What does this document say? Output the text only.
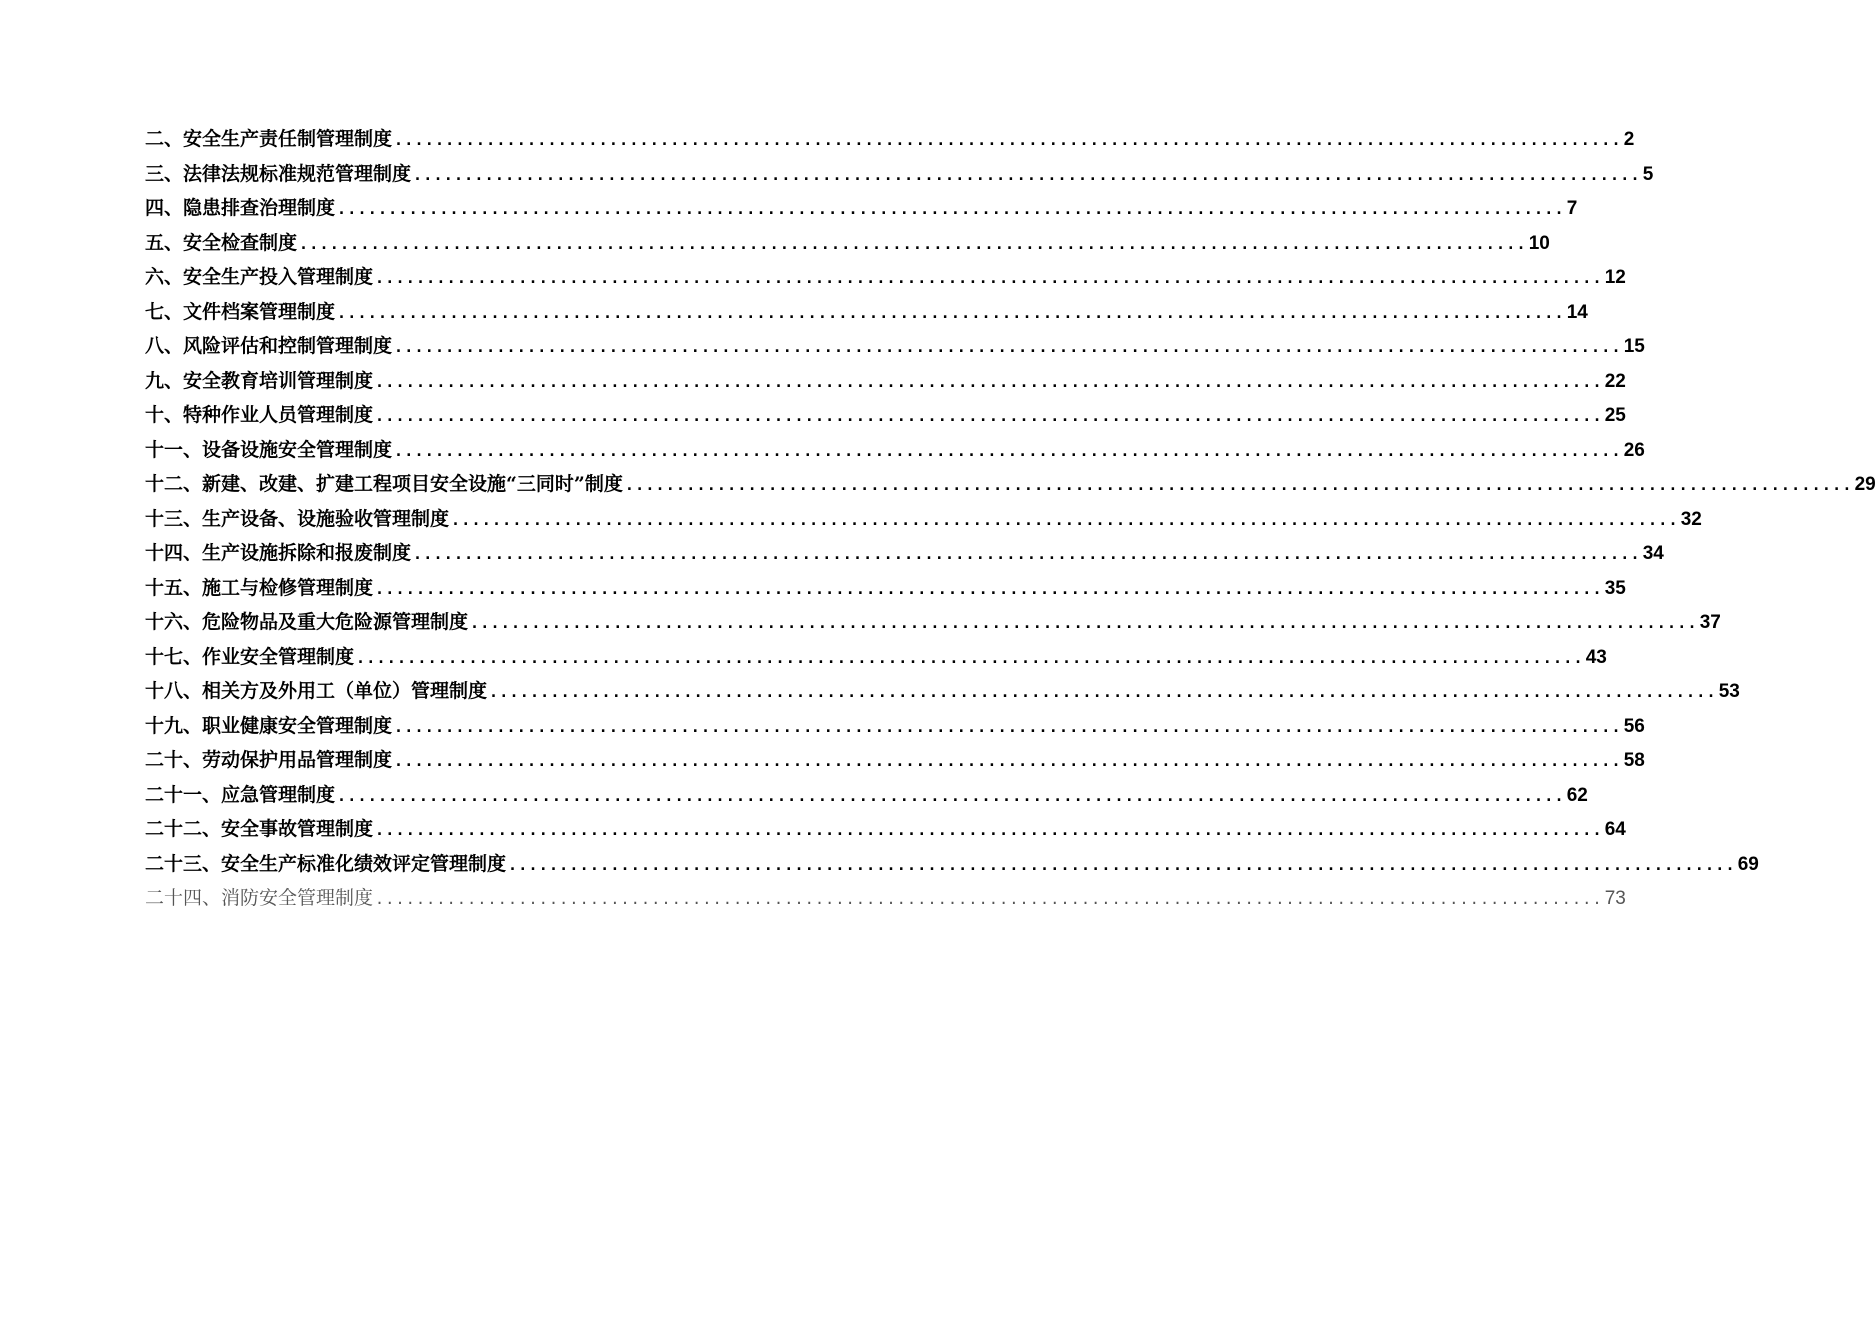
二、安全生产责任制管理制度 ........................................................................................................................ 2
三、法律法规标准规范管理制度 ........................................................................................................................ 5
四、隐患排查治理制度 ........................................................................................................................ 7
五、安全检查制度 ........................................................................................................................ 10
六、安全生产投入管理制度 ........................................................................................................................ 12
七、文件档案管理制度 ........................................................................................................................ 14
八、风险评估和控制管理制度 ........................................................................................................................ 15
九、安全教育培训管理制度 ........................................................................................................................ 22
十、特种作业人员管理制度 ........................................................................................................................ 25
十一、设备设施安全管理制度 ........................................................................................................................ 26
十二、新建、改建、扩建工程项目安全设施“三同时”制度 ........................................................................................................................ 29
十三、生产设备、设施验收管理制度 ........................................................................................................................ 32
十四、生产设施拆除和报废制度 ........................................................................................................................ 34
十五、施工与检修管理制度 ........................................................................................................................ 35
十六、危险物品及重大危险源管理制度 ........................................................................................................................ 37
十七、作业安全管理制度 ........................................................................................................................ 43
十八、相关方及外用工（单位）管理制度 ........................................................................................................................ 53
十九、职业健康安全管理制度 ........................................................................................................................ 56
二十、劳动保护用品管理制度 ........................................................................................................................ 58
二十一、应急管理制度 ........................................................................................................................ 62
二十二、安全事故管理制度 ........................................................................................................................ 64
二十三、安全生产标准化绩效评定管理制度 ........................................................................................................................ 69
二十四、消防安全管理制度 ........................................................................................................................ 73
